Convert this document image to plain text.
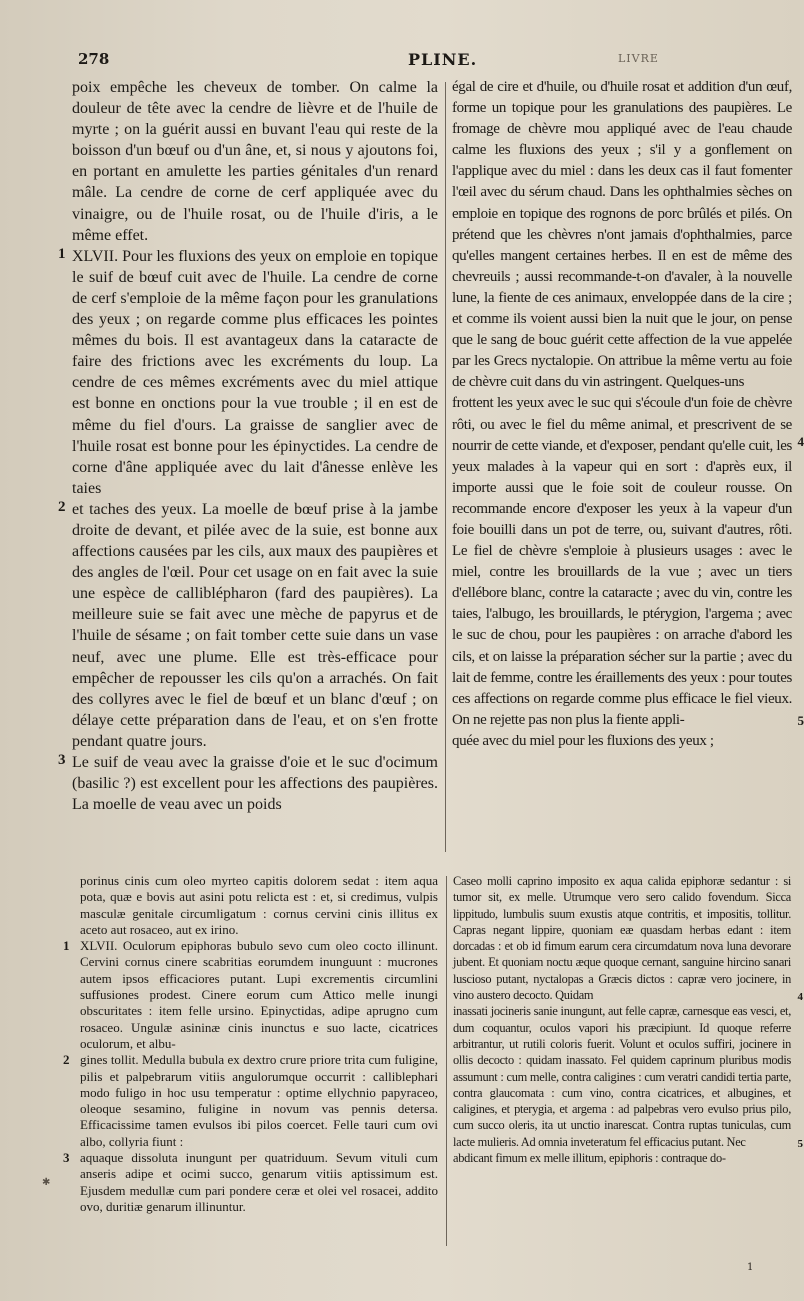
278	PLINE.	LIVRE

poix empêche les cheveux de tomber. On calme la douleur de tête avec la cendre de lièvre et de l'huile de myrte ; on la guérit aussi en buvant l'eau qui reste de la boisson d'un bœuf ou d'un âne, et, si nous y ajoutons foi, en portant en amulette les parties génitales d'un renard mâle. La cendre de corne de cerf appliquée avec du vinaigre, ou de l'huile rosat, ou de l'huile d'iris, a le même effet.

1 XLVII. Pour les fluxions des yeux on emploie en topique le suif de bœuf cuit avec de l'huile. La cendre de corne de cerf s'emploie de la même façon pour les granulations des yeux ; on regarde comme plus efficaces les pointes mêmes du bois. Il est avantageux dans la cataracte de faire des frictions avec les excréments du loup. La cendre de ces mêmes excréments avec du miel attique est bonne en onctions pour la vue trouble ; il en est de même du fiel d'ours. La graisse de sanglier avec de l'huile rosat est bonne pour les épinyctides. La cendre de corne d'âne appliquée avec du lait d'ânesse enlève les taies

2 et taches des yeux. La moelle de bœuf prise à la jambe droite de devant, et pilée avec de la suie, est bonne aux affections causées par les cils, aux maux des paupières et des angles de l'œil. Pour cet usage on en fait avec la suie une espèce de calliblépharon (fard des paupières). La meilleure suie se fait avec une mèche de papyrus et de l'huile de sésame ; on fait tomber cette suie dans un vase neuf, avec une plume. Elle est très-efficace pour empêcher de repousser les cils qu'on a arrachés. On fait des collyres avec le fiel de bœuf et un blanc d'œuf ; on délaye cette préparation dans de l'eau, et on s'en frotte pendant quatre jours.

3 Le suif de veau avec la graisse d'oie et le suc d'ocimum (basilic ?) est excellent pour les affections des paupières. La moelle de veau avec un poids

4

égal de cire et d'huile, ou d'huile rosat et addition d'un œuf, forme un topique pour les granulations des paupières. Le fromage de chèvre mou appliqué avec de l'eau chaude calme les fluxions des yeux ; s'il y a gonflement on l'applique avec du miel : dans les deux cas il faut fomenter l'œil avec du sérum chaud. Dans les ophthalmies sèches on emploie en topique des rognons de porc brûlés et pilés. On prétend que les chèvres n'ont jamais d'ophthalmies, parce qu'elles mangent certaines herbes. Il en est de même des chevreuils ; aussi recommande-t-on d'avaler, à la nouvelle lune, la fiente de ces animaux, enveloppée dans de la cire ; et comme ils voient aussi bien la nuit que le jour, on pense que le sang de bouc guérit cette affection de la vue appelée par les Grecs nyctalopie. On attribue la même vertu au foie de chèvre cuit dans du vin astringent. Quelques-uns

frottent les yeux avec le suc qui s'écoule d'un foie de chèvre rôti, ou avec le fiel du même animal, et prescrivent de se nourrir de cette viande, et d'exposer, pendant qu'elle cuit, les yeux malades à la vapeur qui en sort : d'après eux, il importe aussi que le foie soit de couleur rousse. On recommande encore d'exposer les yeux à la vapeur d'un foie bouilli dans un pot de terre, ou, suivant d'autres, rôti. Le fiel de chèvre s'emploie à plusieurs usages : avec le miel, contre les brouillards de la vue ; avec un tiers d'ellébore blanc, contre la cataracte ; avec du vin, contre les taies, l'albugo, les brouillards, le ptérygion, l'argema ; avec le suc de chou, pour les paupières : on arrache d'abord les cils, et on laisse la préparation sécher sur la partie ; avec du lait de femme, contre les éraillements des yeux : pour toutes ces affections on regarde comme plus efficace le fiel vieux. On ne rejette pas non plus la fiente appli-	5

quée avec du miel pour les fluxions des yeux ;

porinus cinis cum oleo myrteo capitis dolorem sedat : item aqua pota, quæ e bovis aut asini potu relicta est : et, si credimus, vulpis masculæ genitale circumligatum : cornus cervini cinis illitus ex aceto aut rosaceo, aut ex irino.

1 XLVII. Oculorum epiphoras bubulo sevo cum oleo cocto illinunt. Cervini cornus cinere scabritias eorumdem inunguunt : mucrones autem ipsos efficaciores putant. Lupi excrementis circumlini suffusiones prodest. Cinere eorum cum Attico melle inungi obscuritates : item felle ursino. Epinyctidas, adipe aprugno cum rosaceo. Ungulæ asininæ cinis inunctus e suo lacte, cicatrices oculorum, et albu-

2 gines tollit. Medulla bubula ex dextro crure priore trita cum fuligine, pilis et palpebrarum vitiis angulorumque occurrit : calliblephari modo fuligo in hoc usu temperatur : optime ellychnio papyraceo, oleoque sesamino, fuligine in novum vas pennis detersa. Efficacissime tamen evulsos ibi pilos coercet. Felle tauri cum ovi albo, collyria fiunt :

3 aquaque dissoluta inungunt per quatriduum. Sevum vituli cum anseris adipe et ocimi succo, genarum vitiis aptissimum est. Ejusdem medullæ cum pari pondere ceræ et olei vel rosacei, addito ovo, duritiæ genarum illinuntur.

4

Caseo molli caprino imposito ex aqua calida epiphoræ sedantur : si tumor sit, ex melle. Utrumque vero sero calido fovendum. Sicca lippitudo, lumbulis suum exustis atque contritis, et impositis, tollitur. Capras negant lippire, quoniam eæ quasdam herbas edant : item dorcadas : et ob id fimum earum cera circumdatum nova luna devorare jubent. Et quoniam noctu æque quoque cernant, sanguine hircino sanari luscioso putant, nyctalopas a Græcis dictos : capræ vero jocinere, in vino austero decocto. Quidam

5

inassati jocineris sanie inungunt, aut felle capræ, carnesque eas vesci, et, dum coquantur, oculos vapori his præcipiunt. Id quoque referre arbitrantur, ut rutili coloris fuerit. Volunt et oculos suffiri, jocinere in ollis decocto : quidam inassato. Fel quidem caprinum pluribus modis assumunt : cum melle, contra caligines : cum veratri candidi tertia parte, contra glaucomata : cum vino, contra cicatrices, et albugines, et caligines, et pterygia, et argema : ad palpebras vero evulso prius pilo, cum succo oleris, ita ut unctio inarescat. Contra ruptas tuniculas, cum lacte mulieris. Ad omnia inveteratum fel efficacius putant. Nec

abdicant fimum ex melle illitum, epiphoris : contraque do-

✱
1
